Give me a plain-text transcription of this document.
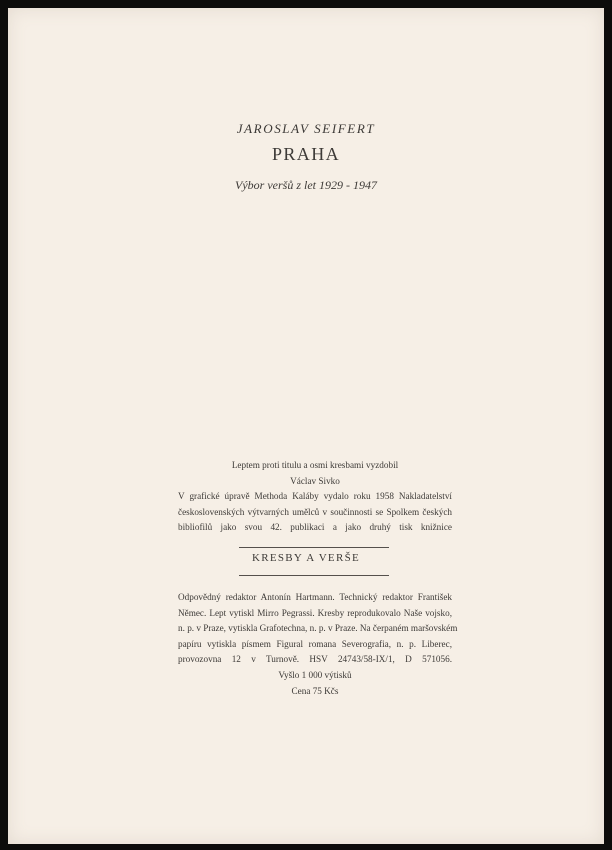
JAROSLAV SEIFERT
PRAHA
Výbor veršů z let 1929 - 1947
Leptem proti titulu a osmi kresbami vyzdobil
Václav Sivko
V grafické úpravě Methoda Kaláby vydalo roku 1958 Nakladatelství
československých výtvarných umělců v součinnosti se Spolkem českých
bibliofilů jako svou 42. publikaci a jako druhý tisk knižnice
KRESBY A VERŠE
Odpovědný redaktor Antonín Hartmann. Technický redaktor František
Němec. Lept vytiskl Mirro Pegrassi. Kresby reprodukovalo Naše vojsko,
n. p. v Praze, vytiskla Grafotechna, n. p. v Praze. Na čerpaném maršovském
papíru vytiskla písmem Figural romana Severografia, n. p. Liberec,
provozovna 12 v Turnově. HSV 24743/58-IX/1, D 571056.
Vyšlo 1 000 výtisků
Cena 75 Kčs
